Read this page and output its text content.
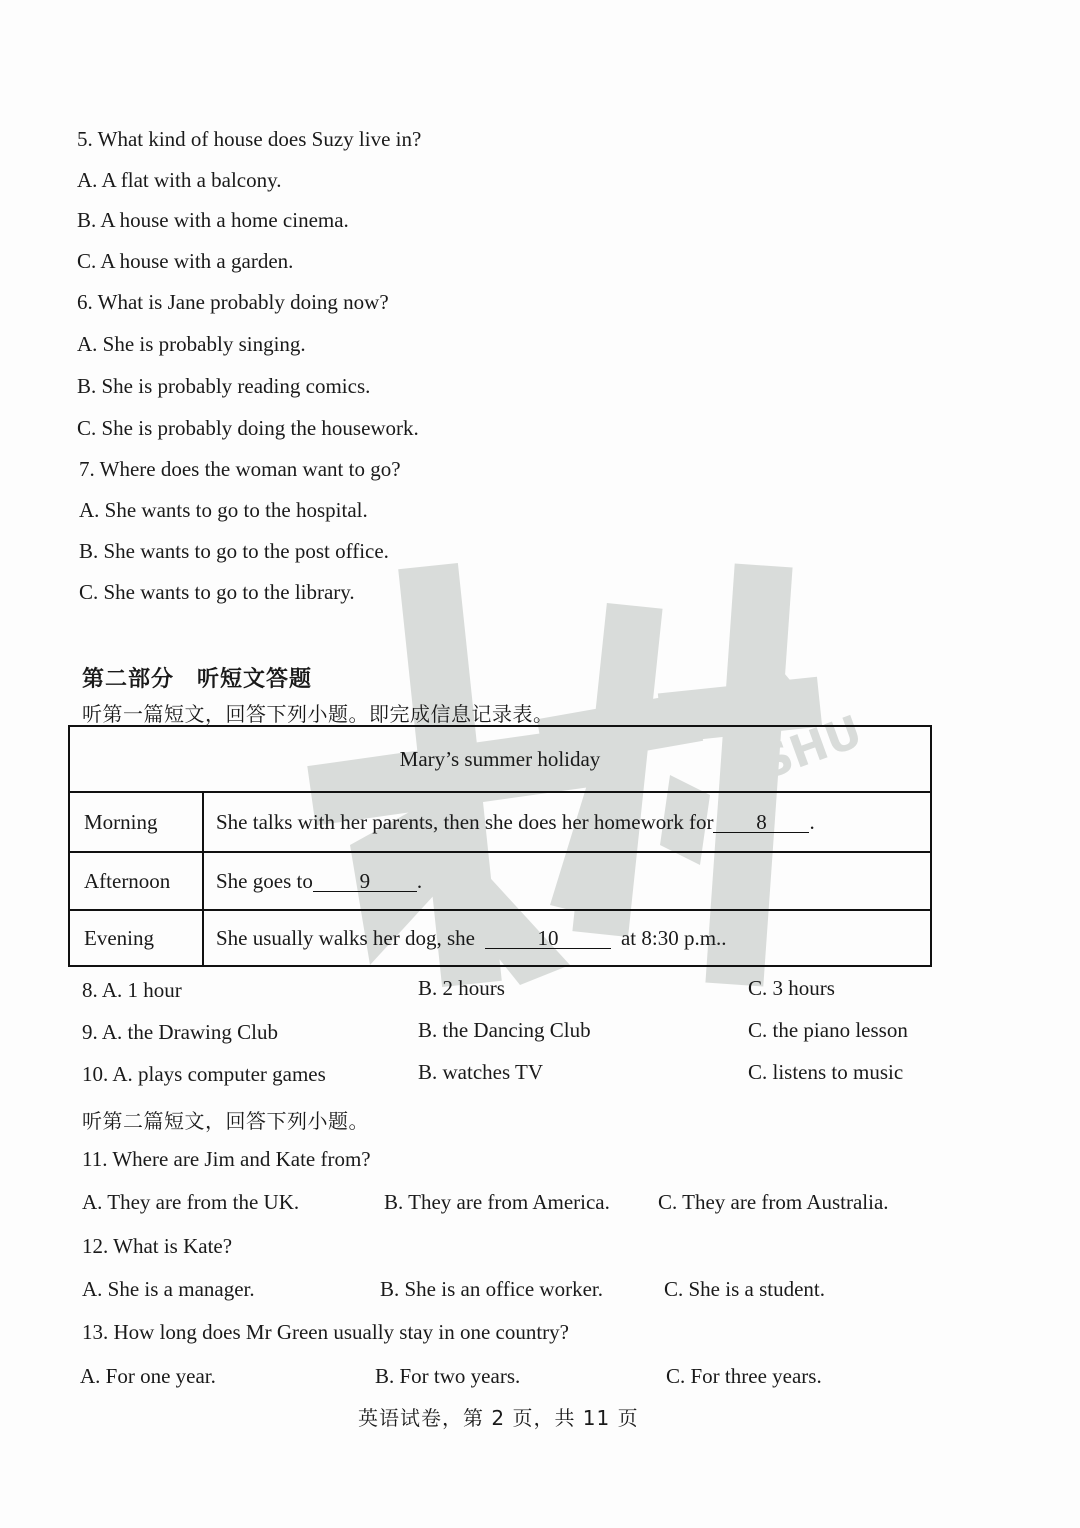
DA
SHU
5. What kind of house does Suzy live in?
A. A flat with a balcony.
B. A house with a home cinema.
C. A house with a garden.
6. What is Jane probably doing now?
A. She is probably singing.
B. She is probably reading comics.
C. She is probably doing the housework.
7. Where does the woman want to go?
A. She wants to go to the hospital.
B. She wants to go to the post office.
C. She wants to go to the library.
第二部分　听短文答题
听第一篇短文，回答下列小题。即完成信息记录表。
Mary’s summer holiday
Morning	She talks with her parents, then she does her homework for	8	.
Afternoon	She goes to	9	.
Evening	She usually walks her dog, she	10	at 8:30 p.m..
8. A. 1 hour	B. 2 hours	C. 3 hours
9. A. the Drawing Club	B. the Dancing Club	C. the piano lesson
10. A. plays computer games	B. watches TV	C. listens to music
听第二篇短文，回答下列小题。
11. Where are Jim and Kate from?
A. They are from the UK.	B. They are from America. C. They are from Australia.
12. What is Kate?
A. She is a manager.	B. She is an office worker.	C. She is a student.
13. How long does Mr Green usually stay in one country?
A. For one year.	B. For two years.	C. For three years.
英语试卷，第 2 页，共 11 页
